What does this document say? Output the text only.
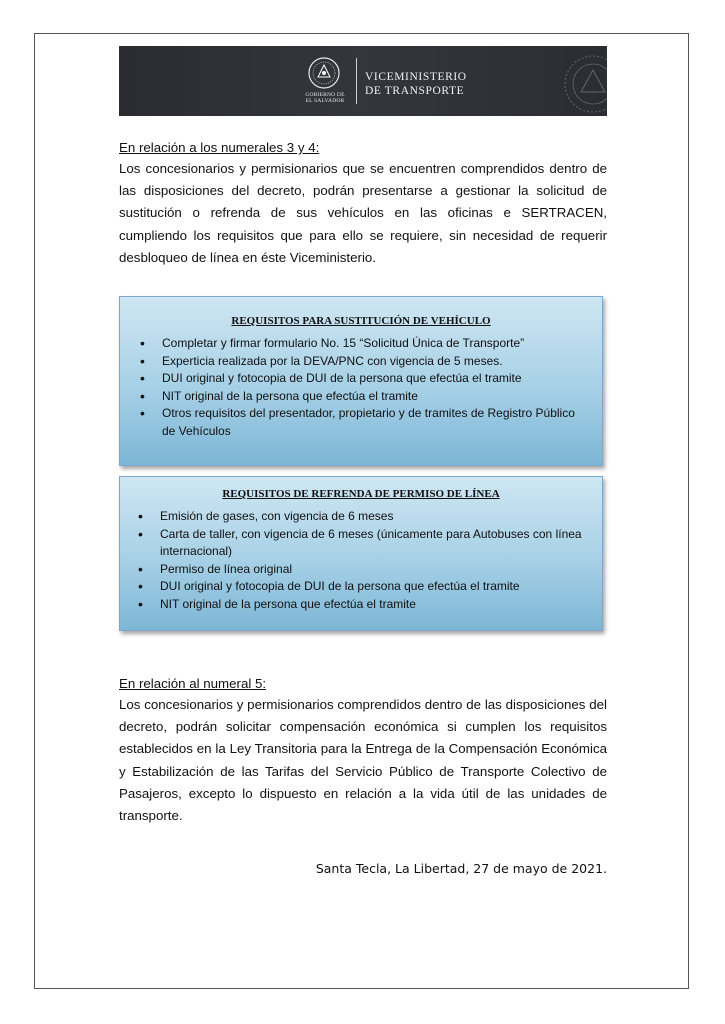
GOBIERNO DE
EL SALVADOR
VICEMINISTERIO
DE TRANSPORTE
En relación a los numerales 3 y 4:

Los concesionarios y permisionarios que se encuentren comprendidos dentro de las disposiciones del decreto, podrán presentarse a gestionar la solicitud de sustitución o refrenda de sus vehículos en las oficinas e SERTRACEN, cumpliendo los requisitos que para ello se requiere, sin necesidad de requerir desbloqueo de línea en éste Viceministerio.

REQUISITOS PARA SUSTITUCIÓN DE VEHÍCULO
• Completar y firmar formulario No. 15 “Solicitud Única de Transporte”
• Experticia realizada por la DEVA/PNC con vigencia de 5 meses.
• DUI original y fotocopia de DUI de la persona que efectúa el tramite
• NIT original de la persona que efectúa el tramite
• Otros requisitos del presentador, propietario y de tramites de Registro Público de Vehículos
REQUISITOS DE REFRENDA DE PERMISO DE LÍNEA
• Emisión de gases, con vigencia de 6 meses
• Carta de taller, con vigencia de 6 meses (únicamente para Autobuses con línea internacional)
• Permiso de línea original
• DUI original y fotocopia de DUI de la persona que efectúa el tramite
• NIT original de la persona que efectúa el tramite
En relación al numeral 5:

Los concesionarios y permisionarios comprendidos dentro de las disposiciones del decreto, podrán solicitar compensación económica si cumplen los requisitos establecidos en la Ley Transitoria para la Entrega de la Compensación Económica y Estabilización de las Tarifas del Servicio Público de Transporte Colectivo de Pasajeros, excepto lo dispuesto en relación a la vida útil de las unidades de transporte.

Santa Tecla, La Libertad, 27 de mayo de 2021.
